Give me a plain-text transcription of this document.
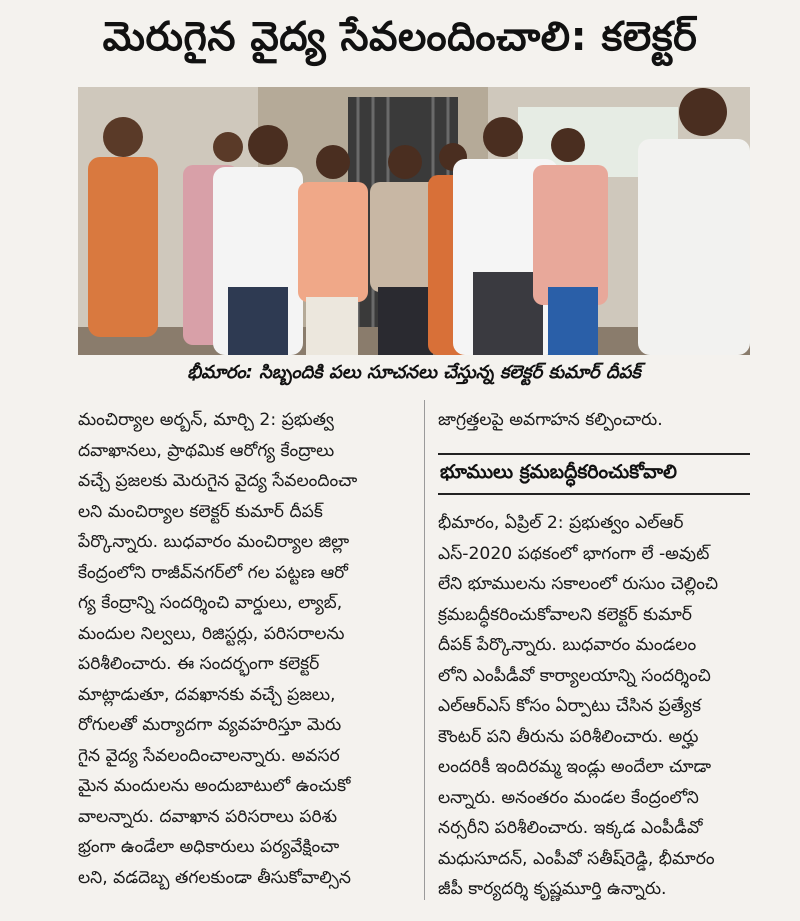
మెరుగైన వైద్య సేవలందించాలి: కలెక్టర్
భీమారం: సిబ్బందికి పలు సూచనలు చేస్తున్న కలెక్టర్ కుమార్ దీపక్
మంచిర్యాల అర్బన్, మార్చి 2: ప్రభుత్వ
దవాఖానలు, ప్రాథమిక ఆరోగ్య కేంద్రాలు
వచ్చే ప్రజలకు మెరుగైన వైద్య సేవలందించా
లని మంచిర్యాల కలెక్టర్ కుమార్ దీపక్
పేర్కొన్నారు. బుధవారం మంచిర్యాల జిల్లా
కేంద్రంలోని రాజీవ్‌నగర్‌లో గల పట్టణ ఆరో
గ్య కేంద్రాన్ని సందర్శించి వార్డులు, ల్యాబ్,
మందుల నిల్వలు, రిజిస్టర్లు, పరిసరాలను
పరిశీలించారు. ఈ సందర్భంగా కలెక్టర్
మాట్లాడుతూ, దవఖానకు వచ్చే ప్రజలు,
రోగులతో మర్యాదగా వ్యవహరిస్తూ మెరు
గైన వైద్య సేవలందించాలన్నారు. అవసర
మైన మందులను అందుబాటులో ఉంచుకో
వాలన్నారు. దవాఖాన పరిసరాలు పరిశు
భ్రంగా ఉండేలా అధికారులు పర్యవేక్షించా
లని, వడదెబ్బ తగలకుండా తీసుకోవాల్సిన
జాగ్రత్తలపై అవగాహన కల్పించారు.
భూములు క్రమబద్ధీకరించుకోవాలి
భీమారం, ఏప్రిల్ 2: ప్రభుత్వం ఎల్‌ఆర్
ఎస్-2020 పథకంలో భాగంగా లే -అవుట్
లేని భూములను సకాలంలో రుసుం చెల్లించి
క్రమబద్ధీకరించుకోవాలని కలెక్టర్ కుమార్
దీపక్ పేర్కొన్నారు. బుధవారం మండలం
లోని ఎంపీడీవో కార్యాలయాన్ని సందర్శించి
ఎల్‌ఆర్‌ఎస్ కోసం ఏర్పాటు చేసిన ప్రత్యేక
కౌంటర్ పని తీరును పరిశీలించారు. అర్హు
లందరికీ ఇందిరమ్మ ఇండ్లు అందేలా చూడా
లన్నారు. అనంతరం మండల కేంద్రంలోని
నర్సరీని పరిశీలించారు. ఇక్కడ ఎంపీడీవో
మధుసూదన్, ఎంపీవో సతీష్‌రెడ్డి, భీమారం
జీపీ కార్యదర్శి కృష్ణమూర్తి ఉన్నారు.
